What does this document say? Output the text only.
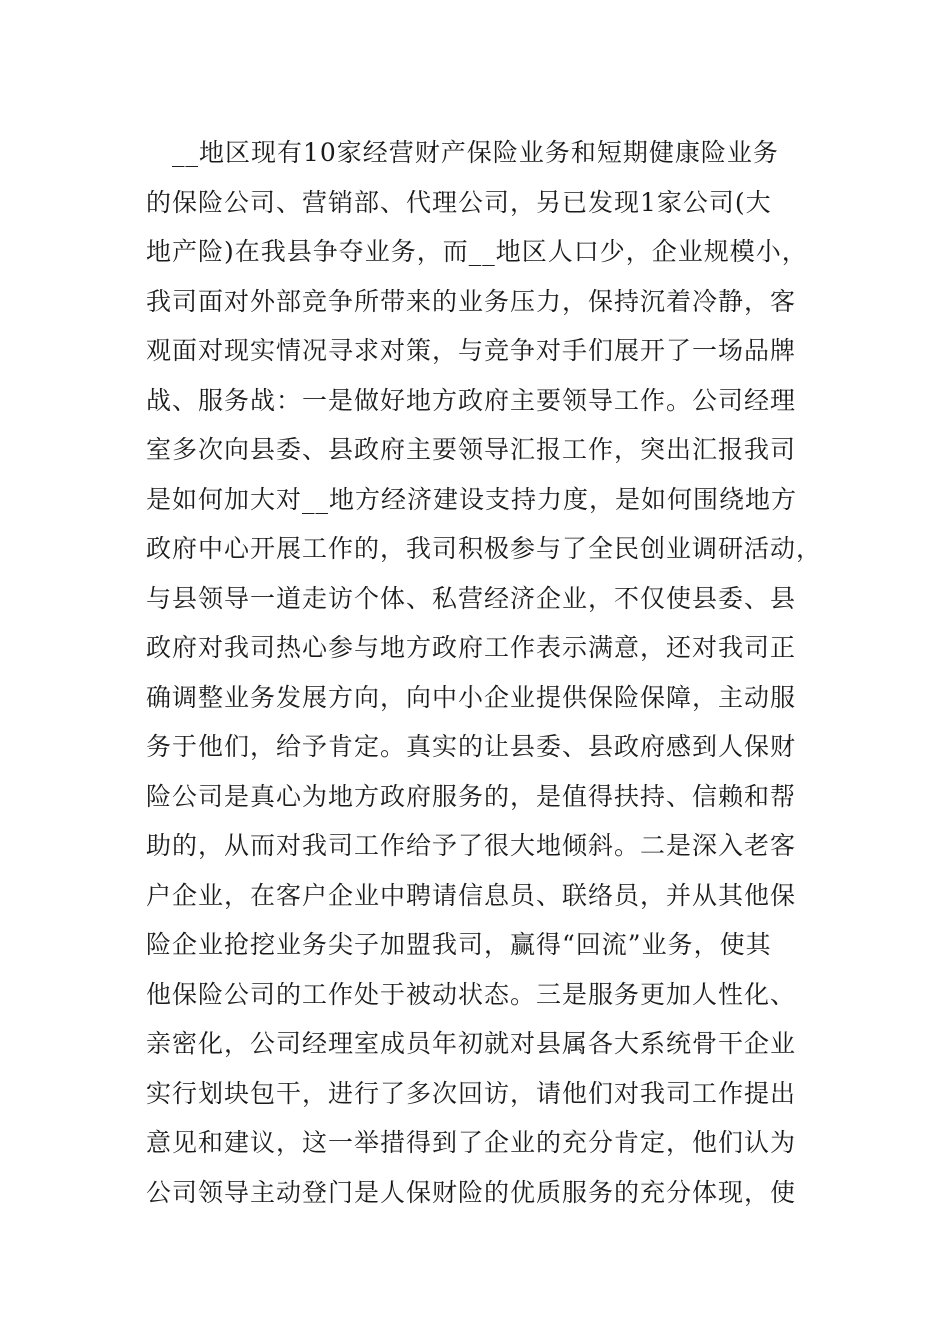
　__地区现有10家经营财产保险业务和短期健康险业务
的保险公司、营销部、代理公司，另已发现1家公司(大
地产险)在我县争夺业务，而__地区人口少，企业规模小，
我司面对外部竞争所带来的业务压力，保持沉着冷静，客
观面对现实情况寻求对策，与竞争对手们展开了一场品牌
战、服务战：一是做好地方政府主要领导工作。公司经理
室多次向县委、县政府主要领导汇报工作，突出汇报我司
是如何加大对__地方经济建设支持力度，是如何围绕地方
政府中心开展工作的，我司积极参与了全民创业调研活动，
与县领导一道走访个体、私营经济企业，不仅使县委、县
政府对我司热心参与地方政府工作表示满意，还对我司正
确调整业务发展方向，向中小企业提供保险保障，主动服
务于他们，给予肯定。真实的让县委、县政府感到人保财
险公司是真心为地方政府服务的，是值得扶持、信赖和帮
助的，从而对我司工作给予了很大地倾斜。二是深入老客
户企业，在客户企业中聘请信息员、联络员，并从其他保
险企业抢挖业务尖子加盟我司，赢得“回流”业务，使其
他保险公司的工作处于被动状态。三是服务更加人性化、
亲密化，公司经理室成员年初就对县属各大系统骨干企业
实行划块包干，进行了多次回访，请他们对我司工作提出
意见和建议，这一举措得到了企业的充分肯定，他们认为
公司领导主动登门是人保财险的优质服务的充分体现，使
